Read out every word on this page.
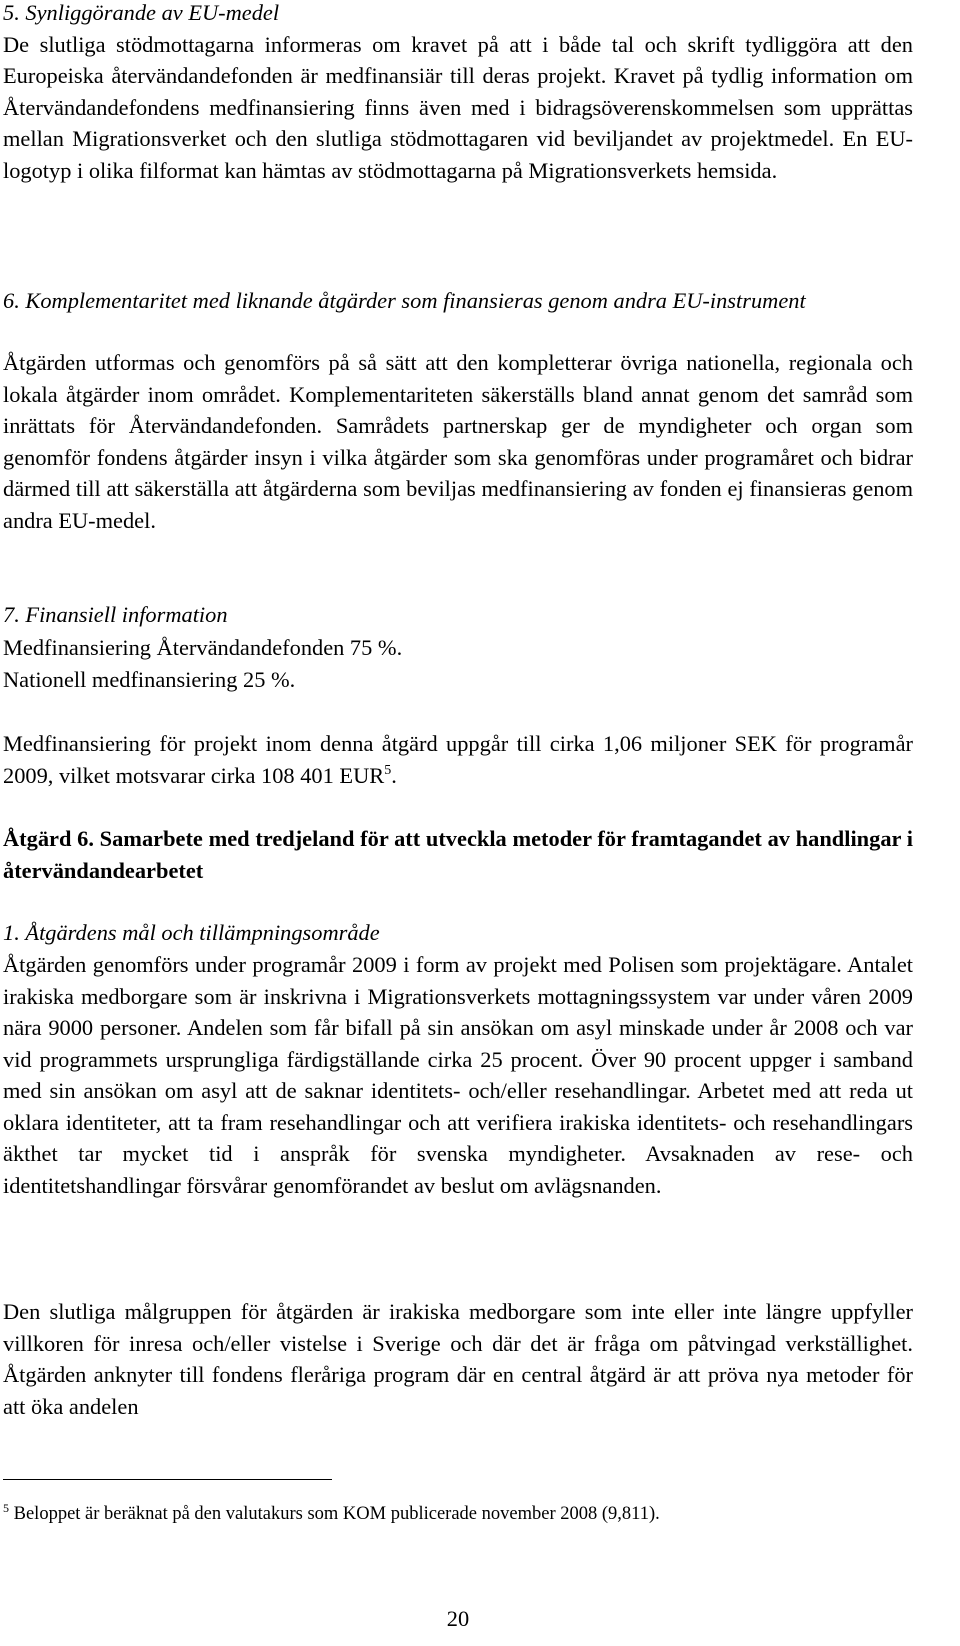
5. Synliggörande av EU-medel

De slutliga stödmottagarna informeras om kravet på att i både tal och skrift tydliggöra att den Europeiska återvändandefonden är medfinansiär till deras projekt. Kravet på tydlig information om Återvändandefondens medfinansiering finns även med i bidragsöverenskommelsen som upprättas mellan Migrationsverket och den slutliga stödmottagaren vid beviljandet av projektmedel. En EU-logotyp i olika filformat kan hämtas av stödmottagarna på Migrationsverkets hemsida.

6. Komplementaritet med liknande åtgärder som finansieras genom andra EU-instrument

Åtgärden utformas och genomförs på så sätt att den kompletterar övriga nationella, regionala och lokala åtgärder inom området. Komplementariteten säkerställs bland annat genom det samråd som inrättats för Återvändandefonden. Samrådets partnerskap ger de myndigheter och organ som genomför fondens åtgärder insyn i vilka åtgärder som ska genomföras under programåret och bidrar därmed till att säkerställa att åtgärderna som beviljas medfinansiering av fonden ej finansieras genom andra EU-medel.

7. Finansiell information

Medfinansiering Återvändandefonden 75 %.

Nationell medfinansiering 25 %.

Medfinansiering för projekt inom denna åtgärd uppgår till cirka 1,06 miljoner SEK för programår 2009, vilket motsvarar cirka 108 401 EUR$^5$.

Åtgärd 6. Samarbete med tredjeland för att utveckla metoder för framtagandet av handlingar i återvändandearbetet

1. Åtgärdens mål och tillämpningsområde

Åtgärden genomförs under programår 2009 i form av projekt med Polisen som projektägare. Antalet irakiska medborgare som är inskrivna i Migrationsverkets mottagningssystem var under våren 2009 nära 9000 personer. Andelen som får bifall på sin ansökan om asyl minskade under år 2008 och var vid programmets ursprungliga färdigställande cirka 25 procent. Över 90 procent uppger i samband med sin ansökan om asyl att de saknar identitets- och/eller resehandlingar. Arbetet med att reda ut oklara identiteter, att ta fram resehandlingar och att verifiera irakiska identitets- och resehandlingars äkthet tar mycket tid i anspråk för svenska myndigheter. Avsaknaden av rese- och identitetshandlingar försvårar genomförandet av beslut om avlägsnanden.

Den slutliga målgruppen för åtgärden är irakiska medborgare som inte eller inte längre uppfyller villkoren för inresa och/eller vistelse i Sverige och där det är fråga om påtvingad verkställighet. Åtgärden anknyter till fondens fleråriga program där en central åtgärd är att pröva nya metoder för att öka andelen

$^5$ Beloppet är beräknat på den valutakurs som KOM publicerade november 2008 (9,811).

20
